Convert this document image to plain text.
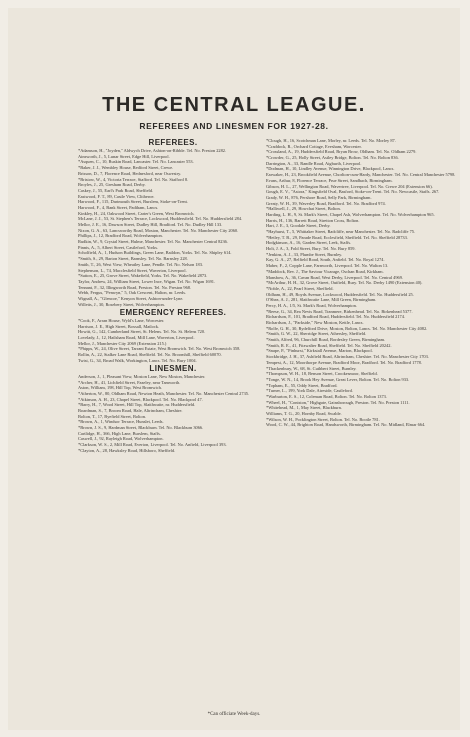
THE CENTRAL LEAGUE.
REFEREES AND LINESMEN FOR 1927-28.
REFEREES.
*Adamson, H., "Joyden," Aldwych Drive, Ashton-on-Ribble. Tel. No. Preston 2282.
Ainsworth, J., 5, Lunar Street, Edge Hill, Liverpool.
*Asquen, C., 10, Ruskin Road, Lancaster. Tel. No. Lancaster 553.
*Baker, J. J., Wembley House, Redford Street, Crewe.
Brisson, D., 7, Florence Road, Hednesford, near Oswestry.
*Bristow, W., 4, Victoria Terrace, Stafford. Tel. No. Stafford 8.
Broyles, J., 25, Gresham Road, Derby.
Caskey, J., 55, Earl's Park Road, Sheffield.
Eastwood, F. T., 89, Castle View, Clitheroe.
Harwood, F., 115, Dartmouth Street, Burslem, Stoke-on-Trent.
Harwood, F., 4, Bank Street, Padiham, Lancs.
Kinkley, H., 24, Oakwood Street, Carter's Green, West Bromwich.
McLane, J. J., 53, St. Stephen's Terrace, Lockwood, Huddersfield. Tel. No. Huddersfield 284.
Mellor, J. E., 16, Dawson Street, Dudley Hill, Bradford. Tel. No. Dudley Hill 133.
Nixon, G. A., 63, Lancsworthy Road, Moston, Manchester. Tel. No. Manchester City 2060.
Phillips, J., 12, Bradford Road, Wolverhampton.
Rudkin, W., 9, Crystal Street, Hulme, Manchester. Tel. No. Manchester Central 8236.
Pinnis, A., 5, Albert Street, Castleford, Yorks.
Scholfield, A., 1, Hudson Buildings, Green Lane, Baildon, Yorks. Tel. No. Shipley 614.
*Smith, S., 29, Barton Street, Barnsley. Tel. No. Barnsley 228.
Smith, T., 26, West View, Wheatley Lane, Pendle. Tel. No. Nelson 183.
Stephenson, L., 74, Macclesfield Street, Waverton, Liverpool.
*Sutton, E., 25, Grove Street, Wakefield, Yorks. Tel. No. Wakefield 2873.
Taylor, Andrew, 24, William Street, Lower Ince, Wigan. Tel. No. Wigan 1691.
Tennant, F., 32, Illingworth Road, Preston. Tel. No. Preston 968.
Webb, Fergus, "Penwyn," 5, Oak Crescent, Halton, nr. Leeds.
Wignall, A., "Glencoe," Kenyon Street, Ashton-under-Lyne.
Willetts, J., 30, Rosebery Street, Wolverhampton.
EMERGENCY REFEREES.
*Cook, F., Arran House, Wyld's Lane, Worcester.
Harrison, J. E., High Street, Boxsall, Matlock.
Howitt, G., 142, Cumberland Street, St. Helens. Tel. No. St. Helens 720.
Lovelady, J., 12, Hailsham Road, Mill Lane, Waverton, Liverpool.
Mellor, J., Manchester City 2069 (Extension 215.)
*Phipps, W., 24, Olive Street, Tarrant Estate, West Bromwich. Tel. No. West Bromwich 358.
Rollin, A., 22, Stalker Lane Road, Sheffield. Tel. No. Broomhill, Sheffield 60070.
Twist, G., 34, Broad Walk, Workington, Lancs. Tel. No. Bury 1004.
LINESMEN.
Anderson, J., 1, Pleasant View, Moston Lane, New Moston, Manchester.
*Archer, H., 41, Lichfield Street, Fazeley, near Tamworth.
Aston, William, 198, Hill Top, West Bromwich.
*Atherton, W., 80, Oldham Road, Newton Heath, Manchester. Tel. No. Manchester Central 2735.
*Atkinson, A. H., 23, Chapel Street, Blackpool. Tel. No. Blackpool 47.
*Barry, H., 7, Wood Street, Hill Top, Slaithwaite, nr. Huddersfield.
Boardman, S., 7, Broom Road, Hale, Altrincham, Cheshire.
Bolton, T., 17, Byefield Street, Bolton.
*Brown, A., 1, Windsor Terrace, Hunslet, Leeds.
*Brown, J. S., 9, Hardman Street, Blackburn. Tel. No. Blackburn 3066.
Cartlidge, H., 366, High Lane, Burslem, Staffs.
Caswell, J., 92, Rayleigh Road, Wolverhampton.
*Clarkson, W. S., 2, Mill Road, Everton, Liverpool. Tel. No. Anfield, Liverpool 393.
*Clayton, A., 28, Hawksley Road, Hillsboro, Sheffield.
*Clough, H., 16, Scotchman Lane, Morley, nr. Leeds. Tel. No. Morley 87.
*Craddock, R., Orchard Cottage, Evesham, Worcester.
*Crossland, A., 19, Huddersfield Road, Bryan Brow, Oldham. Tel. No. Oldham 2279.
*Crowder, G., 25, Holly Street, Astley Bridge, Bolton. Tel. No. Bolton 836.
Darrington, A., 33, Randle Road, Aigburth, Liverpool.
*Dodman, H., 10, Lindley Avenue, Winnington Drive, Blackpool, Lancs.
Earwaker, H., 23, Brookfield Avenue, Chorlton-cum-Hardy, Manchester. Tel. No. Central Manchester 5798.
Evans, Arthur, 8, Florence Terrace, Prue Street, Sandbach, Birmingham.
Gibson, H. L., 27, Wellington Road, Wavertree, Liverpool. Tel. No. Crewe 204 (Extension 66).
Gough, E. V., "Astora," Kingsfield Oval, Basford, Stoke-on-Trent. Tel. No. Newcastle, Staffs. 267.
Grady, W. H., 876, Pershore Road, Selly Park, Birmingham.
Greaty, W. H., 39, Waverley Road, Bradford. Tel. No. Bradford 974.
*Halliwell, J., 29, Howchat Street, Bolton.
Harding, L. H., 9, St. Mark's Street, Chapel Ash, Wolverhampton. Tel. No. Wolverhampton 965.
Harris, H., 136, Barrett Road, Stretton Cross, Bolton.
Hart, J. E., 3, Goodale Street, Derby.
*Hayhurst, T., 5, Whittaker Street, Radcliffe, near Manchester. Tel. No. Radcliffe 75.
*Hetley, T. B., 29, Parade Road, Ecclesfield, Sheffield. Tel. No. Sheffield 28733.
Hodgkinson, A., 16, Garden Street, Leek, Staffs.
Holt, J. A., 3, Fold Street, Bury. Tel. No. Bury 859.
*Jenkins, A. J., 33, Plumbe Street, Burnley.
Kay, G. A., 27, Belfield Road, South, Anfield. Tel. No. Royal 1274.
Maber, F., 2, Copple Lane, Farnworth, Liverpool. Tel. No. Walton 13.
*Maddock, Rev. J., The Saviour Vicarage, Oschan Road, Kirkham.
Mansbow, A., 36, Cavan Road, West Derby, Liverpool. Tel. No. Central 4969.
*McArthur, H. H., 32, Grove Street, Outfield, Bury. Tel. No. Derby 1490 (Extension 40).
*Noble, A., 22, Pearl Street, Sheffield.
Oldham, H., 49, Royds Avenue, Lockwood, Huddersfield. Tel. No. Huddersfield 25.
O'Shea, A. J., 281, Slaithwaite Lane, Mill Green, Birmingham.
Percy, H. A., 1/5, St. Mark's Road, Wolverhampton.
*Reese, G., 34, Rea Nevis Road, Tranmere, Birkenhead. Tel. No. Birkenhead 5377.
Richardson, F., 101, Bradford Road, Huddersfield. Tel. No. Huddersfield 2174.
Richardson, J., "Parkside," New Moston, Kettle, Lancs.
*Rolfe, G. H., 30, Rydelford Drive, Moston, Bolton, Lancs. Tel. No. Manchester City 4082.
*Smith, G. W., 22, Sherridge Street, Athersley, Sheffield.
*Smith, Alfred, 96, Churchill Road, Bordesley Green, Birmingham.
*Smith, R. E., 41, Fitzwalter Road, Sheffield. Tel. No. Sheffield 20242.
*Snape, P., "Pinhurst," Kirkstall Avenue, Marton, Blackpool.
Stockbridge, J. H., 37, Ashfield Road, Altrincham, Cheshire. Tel. No. Manchester City 1703.
Tempest, A., 12, Moorthorpe Avenue, Bradford Moor, Bradford. Tel. No. Bradford 1778.
*Thackenbury, W., 68, St. Cuthbert Street, Burnley.
*Thompson, W. H., 18, Benson Street, Crookesmoor, Sheffield.
*Tonge, W. N., 14, Brook Hey Avenue, Great Lever, Bolton. Tel. No. Bolton 933.
*Topham, E., 55, Oddy Street, Bradford.
*Turner, L., 199, York Dale, Aireside, Castleford.
*Warburton, E. S., 12, Coleman Road, Bolton. Tel. No. Bolton 1373.
*Wheel, H., "Coniston," Highgate, Gainsborough, Preston. Tel. No. Preston 1111.
*Whitehead, M., 1, May Street, Blackburn.
Williams, T. G., 20, Hornby Road, Swalde.
*Wilson, W. H., Pocklington Street, Bolton. Tel. No. Bootle 781.
Wood, C. W., 44, Brighton Road, Handsworth, Birmingham. Tel. No. Midland, Elmar 664.
*Can officiate Week-days.
